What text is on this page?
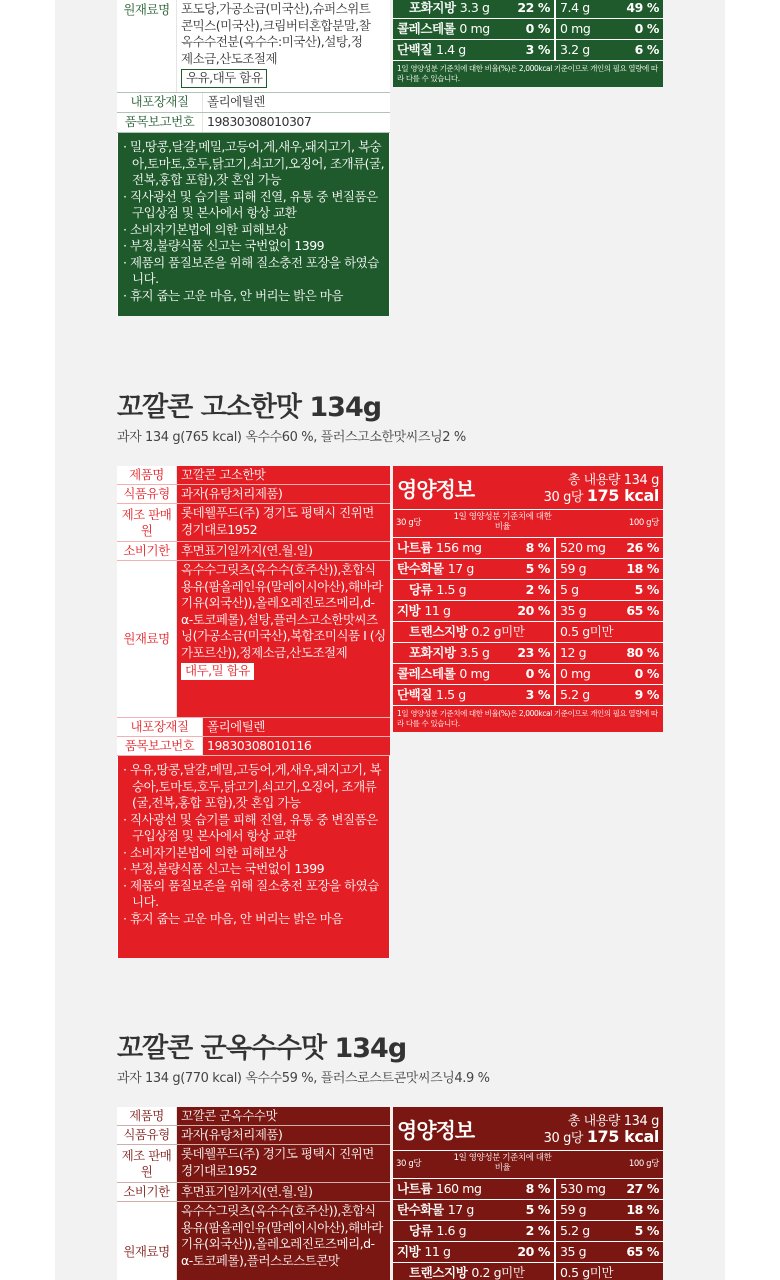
원재료명 포도당,가공소금(미국산),슈퍼스위트
콘믹스(미국산),크림버터혼합분말,찰
옥수수전분(옥수수:미국산),설탕,정
제소금,산도조절제
우유,대두 함유
내포장재질	폴리에틸렌
품목보고번호	19830308010307
· 밀,땅콩,달걀,메밀,고등어,게,새우,돼지고기, 복숭아,토마토,호두,닭고기,쇠고기,오징어, 조개류(굴,전복,홍합 포함),잣 혼입 가능
· 직사광선 및 습기를 피해 진열, 유통 중 변질품은 구입상점 및 본사에서 항상 교환
· 소비자기본법에 의한 피해보상
· 부정,불량식품 신고는 국번없이 1399
· 제품의 품질보존을 위해 질소충전 포장을 하였습니다.
· 휴지 줍는 고운 마음, 안 버리는 밝은 마음
포화지방 3.3 g 22 % 7.4 g	49 %
콜레스테롤 0 mg	0 % 0 mg	0 %
단백질 1.4 g	3 % 3.2 g	6 %
1일 영양성분 기준치에 대한 비율(%)은 2,000kcal 기준이므로 개인의 필요 열량에 따라 다를 수 있습니다.
꼬깔콘 고소한맛 134g
과자 134 g(765 kcal) 옥수수60 %, 플러스고소한맛씨즈닝2 %
제품명	꼬깔콘 고소한맛
식품유형 과자(유탕처리제품)
제조 판매원
롯데웰푸드(주) 경기도 평택시 진위면 경기대로1952
소비기한 후면표기일까지(연.월.일)
원재료명
옥수수그릿츠(옥수수(호주산)),혼합식용유(팜올레인유(말레이시아산),해바라기유(외국산)),올레오레진로즈메리,d-α-토코페롤),설탕,플러스고소한맛씨즈닝(가공소금(미국산),복합조미식품 I (싱가포르산)),정제소금,산도조절제
대두,밀 함유
내포장재질	폴리에틸렌
품목보고번호	19830308010116
· 우유,땅콩,달걀,메밀,고등어,게,새우,돼지고기, 복숭아,토마토,호두,닭고기,쇠고기,오징어, 조개류(굴,전복,홍합 포함),잣 혼입 가능
· 직사광선 및 습기를 피해 진열, 유통 중 변질품은 구입상점 및 본사에서 항상 교환
· 소비자기본법에 의한 피해보상
· 부정,불량식품 신고는 국번없이 1399
· 제품의 품질보존을 위해 질소충전 포장을 하였습니다.
· 휴지 줍는 고운 마음, 안 버리는 밝은 마음
영양정보	총 내용량 134 g
30 g당 175 kcal
30 g당
1일 영양성분 기준치에 대한 비율	100 g당
나트륨 156 mg	8 % 520 mg 26 %
탄수화물 17 g	5 % 59 g	18 %
당류 1.5 g	2 % 5 g	5 %
지방 11 g	20 % 35 g	65 %
트랜스지방 0.2 g미만	0.5 g미만
포화지방 3.5 g 23 % 12 g	80 %
콜레스테롤 0 mg	0 % 0 mg	0 %
단백질 1.5 g	3 % 5.2 g	9 %
1일 영양성분 기준치에 대한 비율(%)은 2,000kcal 기준이므로 개인의 필요 열량에 따라 다를 수 있습니다.
꼬깔콘 군옥수수맛 134g
과자 134 g(770 kcal) 옥수수59 %, 플러스로스트콘맛씨즈닝4.9 %
제품명	꼬깔콘 군옥수수맛
식품유형 과자(유탕처리제품)
제조 판매원
롯데웰푸드(주) 경기도 평택시 진위면 경기대로1952
소비기한 후면표기일까지(연.월.일)
원재료명
옥수수그릿츠(옥수수(호주산)),혼합식용유(팜올레인유(말레이시아산),해바라기유(외국산)),올레오레진로즈메리,d-α-토코페롤),플러스로스트콘맛
영양정보	총 내용량 134 g
30 g당 175 kcal
30 g당
1일 영양성분 기준치에 대한 비율	100 g당
나트륨 160 mg	8 % 530 mg 27 %
탄수화물 17 g	5 % 59 g	18 %
당류 1.6 g	2 % 5.2 g	5 %
지방 11 g	20 % 35 g	65 %
트랜스지방 0.2 g미만	0.5 g미만
